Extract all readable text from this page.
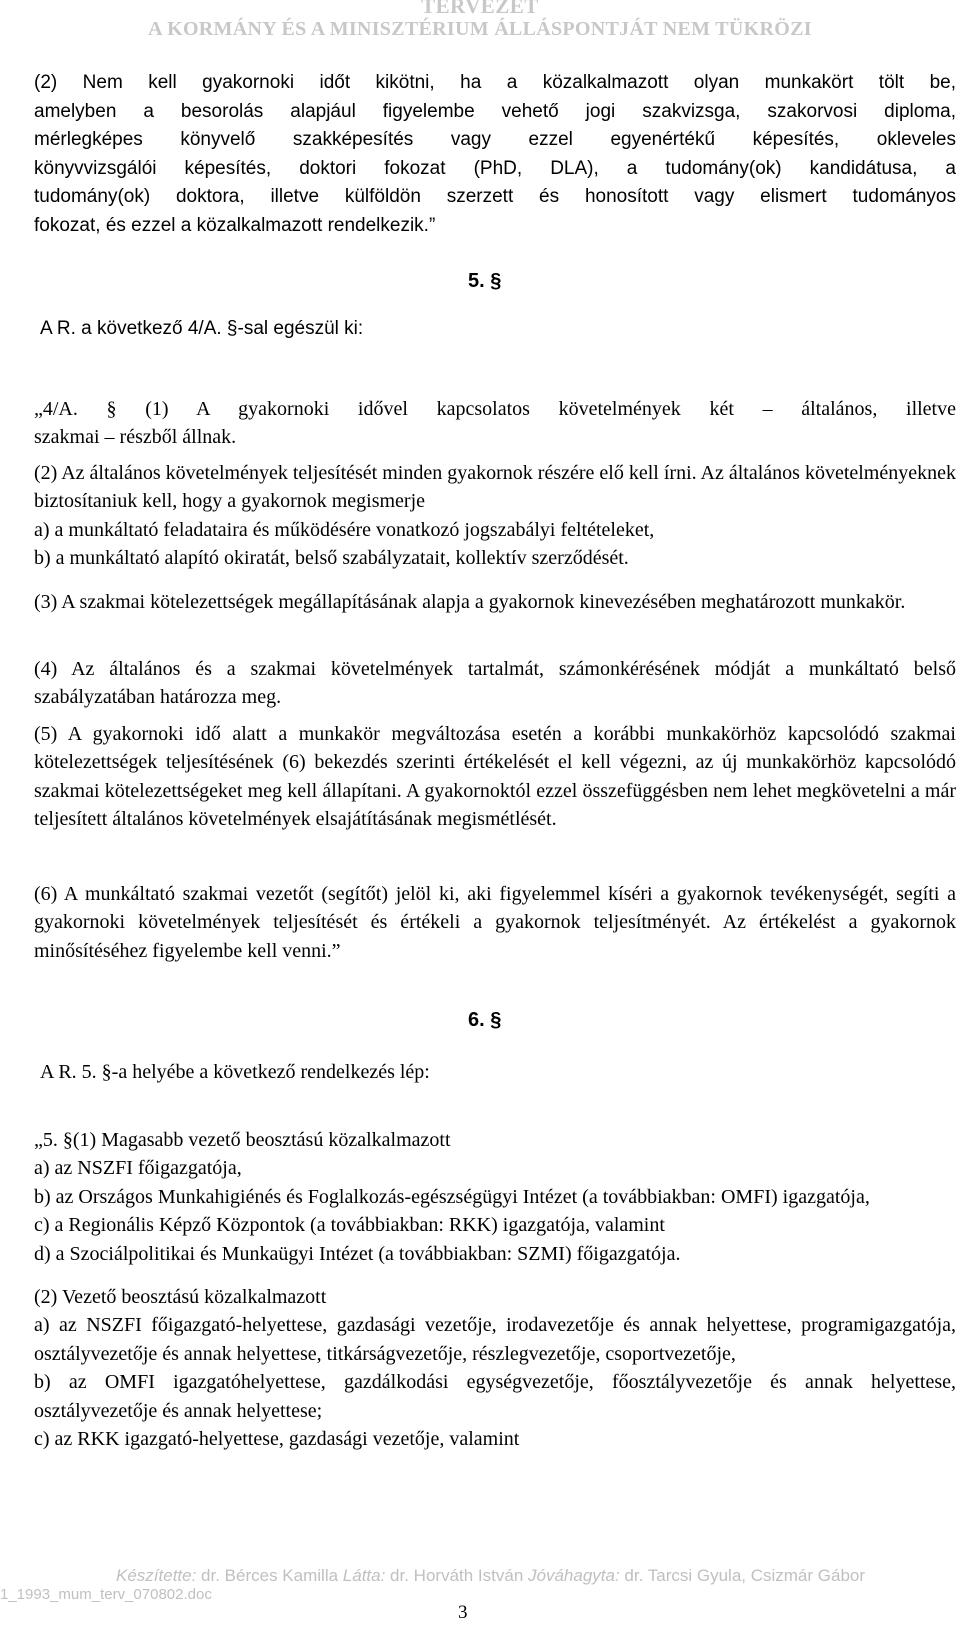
TERVEZET
A KORMÁNY ÉS A MINISZTÉRIUM ÁLLÁSPONTJÁT NEM TÜKRÖZI
(2) Nem kell gyakornoki időt kikötni, ha a közalkalmazott olyan munkakört tölt be,
amelyben a besorolás alapjául figyelembe vehető jogi szakvizsga, szakorvosi diploma,
mérlegképes könyvelő szakképesítés vagy ezzel egyenértékű képesítés, okleveles
könyvvizsgálói képesítés, doktori fokozat (PhD, DLA), a tudomány(ok) kandidátusa, a
tudomány(ok) doktora, illetve külföldön szerzett és honosított vagy elismert tudományos
fokozat, és ezzel a közalkalmazott rendelkezik.”
5. §
A R. a következő 4/A. §-sal egészül ki:
„4/A. § (1) A gyakornoki idővel kapcsolatos követelmények két – általános, illetve
szakmai – részből állnak.
(2) Az általános követelmények teljesítését minden gyakornok részére elő kell írni. Az általános követelményeknek biztosítaniuk kell, hogy a gyakornok megismerje
a) a munkáltató feladataira és működésére vonatkozó jogszabályi feltételeket,
b) a munkáltató alapító okiratát, belső szabályzatait, kollektív szerződését.
(3) A szakmai kötelezettségek megállapításának alapja a gyakornok kinevezésében meghatározott munkakör.
(4) Az általános és a szakmai követelmények tartalmát, számonkérésének módját a munkáltató belső szabályzatában határozza meg.
(5) A gyakornoki idő alatt a munkakör megváltozása esetén a korábbi munkakörhöz kapcsolódó szakmai kötelezettségek teljesítésének (6) bekezdés szerinti értékelését el kell végezni, az új munkakörhöz kapcsolódó szakmai kötelezettségeket meg kell állapítani. A gyakornoktól ezzel összefüggésben nem lehet megkövetelni a már teljesített általános követelmények elsajátításának megismétlését.
(6) A munkáltató szakmai vezetőt (segítőt) jelöl ki, aki figyelemmel kíséri a gyakornok tevékenységét, segíti a gyakornoki követelmények teljesítését és értékeli a gyakornok teljesítményét. Az értékelést a gyakornok minősítéséhez figyelembe kell venni.”
6. §
A R. 5. §-a helyébe a következő rendelkezés lép:
„5. §(1) Magasabb vezető beosztású közalkalmazott
a) az NSZFI főigazgatója,
b) az Országos Munkahigiénés és Foglalkozás-egészségügyi Intézet (a továbbiakban: OMFI) igazgatója,
c) a Regionális Képző Központok (a továbbiakban: RKK) igazgatója, valamint
d) a Szociálpolitikai és Munkaügyi Intézet (a továbbiakban: SZMI) főigazgatója.
(2) Vezető beosztású közalkalmazott
a) az NSZFI főigazgató-helyettese, gazdasági vezetője, irodavezetője és annak helyettese, programigazgatója, osztályvezetője és annak helyettese, titkárságvezetője, részlegvezetője, csoportvezetője,
b) az OMFI igazgatóhelyettese, gazdálkodási egységvezetője, főosztályvezetője és annak helyettese, osztályvezetője és annak helyettese;
c) az RKK igazgató-helyettese, gazdasági vezetője, valamint
Készítette: dr. Bérces Kamilla Látta: dr. Horváth István Jóváhagyta: dr. Tarcsi Gyula, Csizmár Gábor
1_1993_mum_terv_070802.doc
3
